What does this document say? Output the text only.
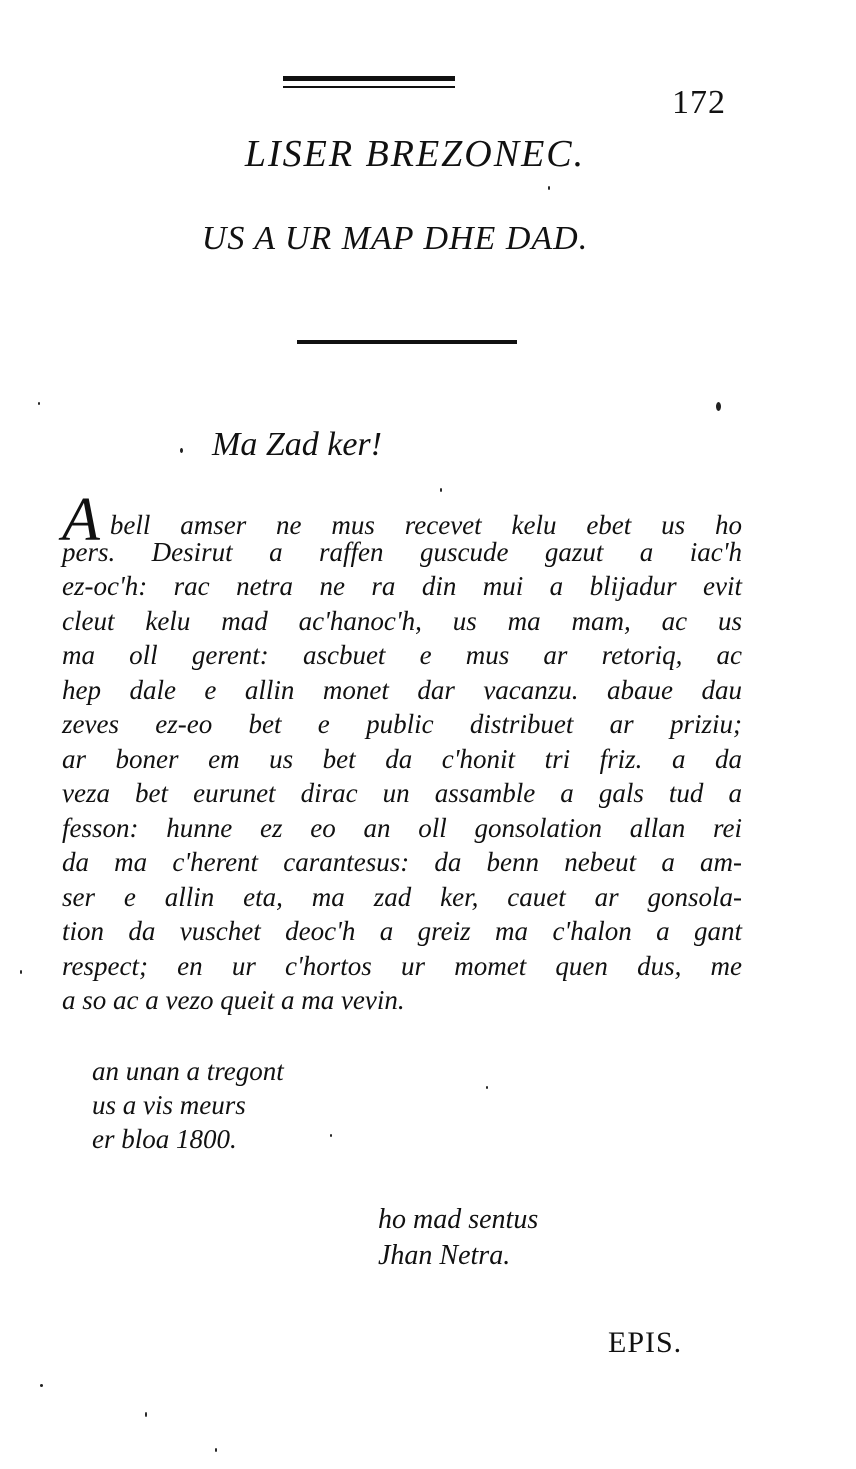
172
LISER BREZONEC.
US A UR MAP DHE DAD.
Ma Zad ker!
Abell amser ne mus recevet kelu ebet us ho
pers. Desirut a raffen guscude gazut a iac'h
ez-oc'h: rac netra ne ra din mui a blijadur evit
cleut kelu mad ac'hanoc'h, us ma mam, ac us
ma oll gerent: ascbuet e mus ar retoriq, ac
hep dale e allin monet dar vacanzu. abaue dau
zeves ez-eo bet e public distribuet ar priziu;
ar boner em us bet da c'honit tri friz. a da
veza bet eurunet dirac un assamble a gals tud a
fesson: hunne ez eo an oll gonsolation allan rei
da ma c'herent carantesus: da benn nebeut a am-
ser e allin eta, ma zad ker, cauet ar gonsola-
tion da vuschet deoc'h a greiz ma c'halon a gant
respect; en ur c'hortos ur momet quen dus, me
a so ac a vezo queit a ma vevin.
an unan a tregont
us a vis meurs
er bloa 1800.
ho mad sentus
Jhan Netra.
EPIS.
